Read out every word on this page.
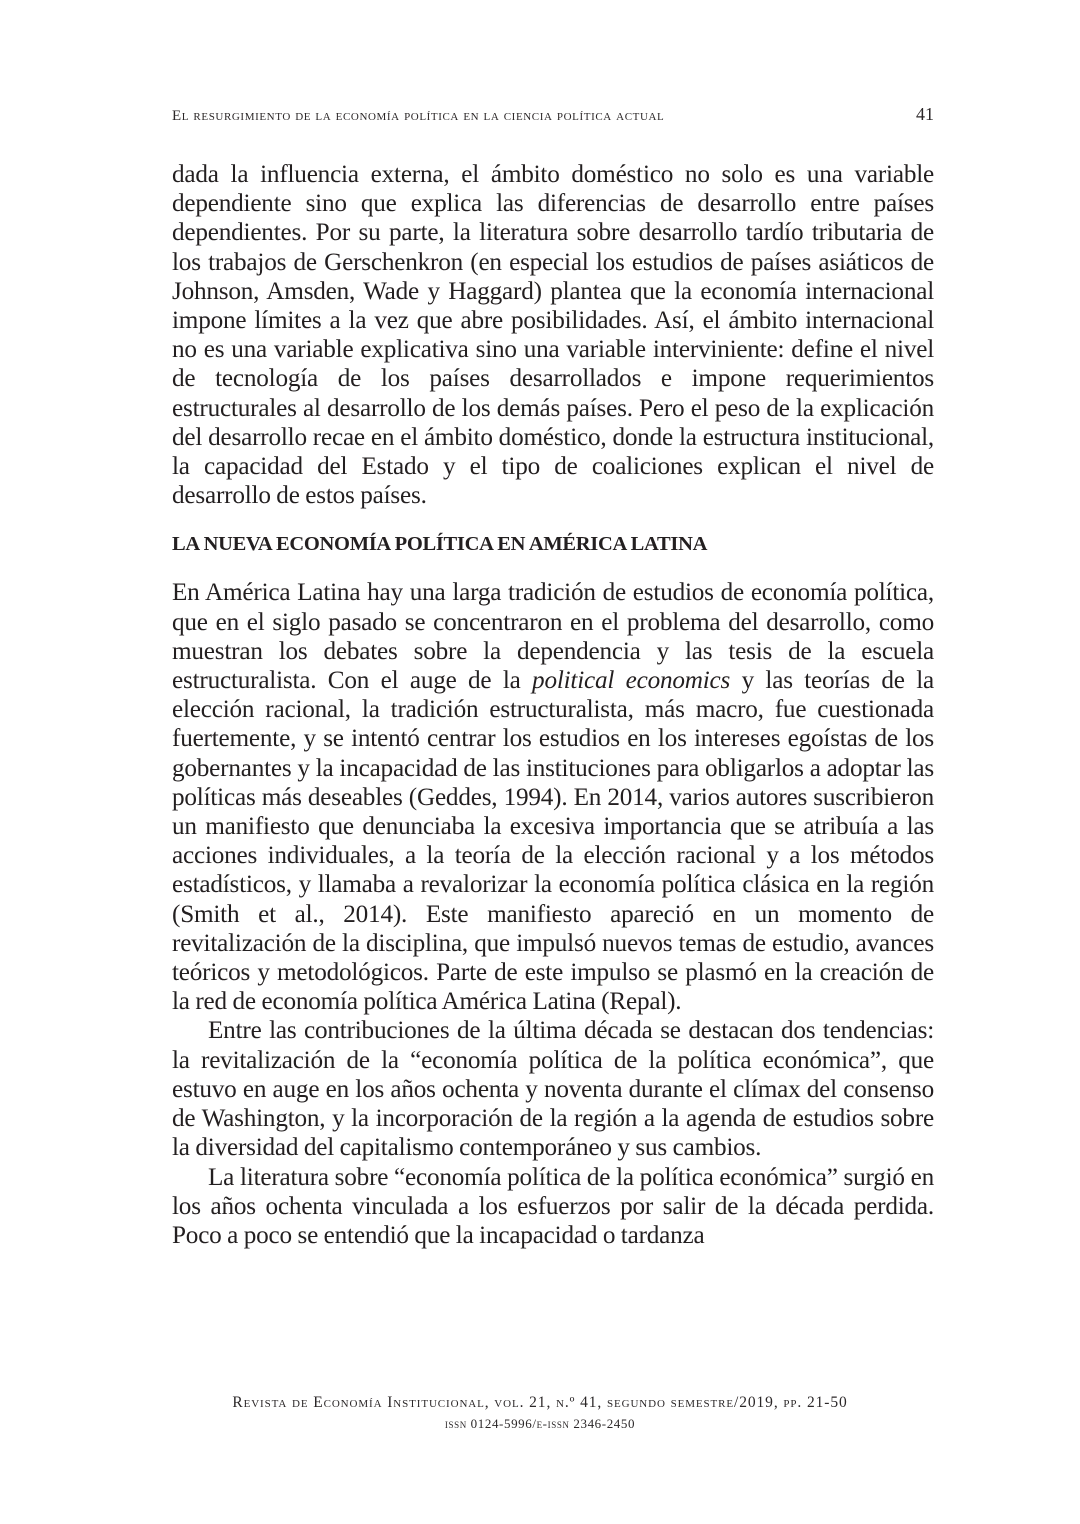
El resurgimiento de la economía política en la ciencia política actual	41

dada la influencia externa, el ámbito doméstico no solo es una variable dependiente sino que explica las diferencias de desarrollo entre países dependientes. Por su parte, la literatura sobre desarrollo tardío tributaria de los trabajos de Gerschenkron (en especial los estudios de países asiáticos de Johnson, Amsden, Wade y Haggard) plantea que la economía internacional impone límites a la vez que abre posibilidades. Así, el ámbito internacional no es una variable explicativa sino una variable interviniente: define el nivel de tecnología de los países desarrollados e impone requerimientos estructurales al desarrollo de los demás países. Pero el peso de la explicación del desarrollo recae en el ámbito doméstico, donde la estructura institucional, la capacidad del Estado y el tipo de coaliciones explican el nivel de desarrollo de estos países.

LA NUEVA ECONOMÍA POLÍTICA EN AMÉRICA LATINA

En América Latina hay una larga tradición de estudios de economía política, que en el siglo pasado se concentraron en el problema del desarrollo, como muestran los debates sobre la dependencia y las tesis de la escuela estructuralista. Con el auge de la political economics y las teorías de la elección racional, la tradición estructuralista, más macro, fue cuestionada fuertemente, y se intentó centrar los estudios en los intereses egoístas de los gobernantes y la incapacidad de las instituciones para obligarlos a adoptar las políticas más deseables (Geddes, 1994). En 2014, varios autores suscribieron un manifiesto que denunciaba la excesiva importancia que se atribuía a las acciones individuales, a la teoría de la elección racional y a los métodos estadísticos, y llamaba a revalorizar la economía política clásica en la región (Smith et al., 2014). Este manifiesto apareció en un momento de revitalización de la disciplina, que impulsó nuevos temas de estudio, avances teóricos y metodológicos. Parte de este impulso se plasmó en la creación de la red de economía política América Latina (Repal).

Entre las contribuciones de la última década se destacan dos tendencias: la revitalización de la “economía política de la política económica”, que estuvo en auge en los años ochenta y noventa durante el clímax del consenso de Washington, y la incorporación de la región a la agenda de estudios sobre la diversidad del capitalismo contemporáneo y sus cambios.

La literatura sobre “economía política de la política económica” surgió en los años ochenta vinculada a los esfuerzos por salir de la década perdida. Poco a poco se entendió que la incapacidad o tardanza

Revista de Economía Institucional, vol. 21, n.º 41, segundo semestre/2019, pp. 21-50
issn 0124-5996/e-issn 2346-2450
